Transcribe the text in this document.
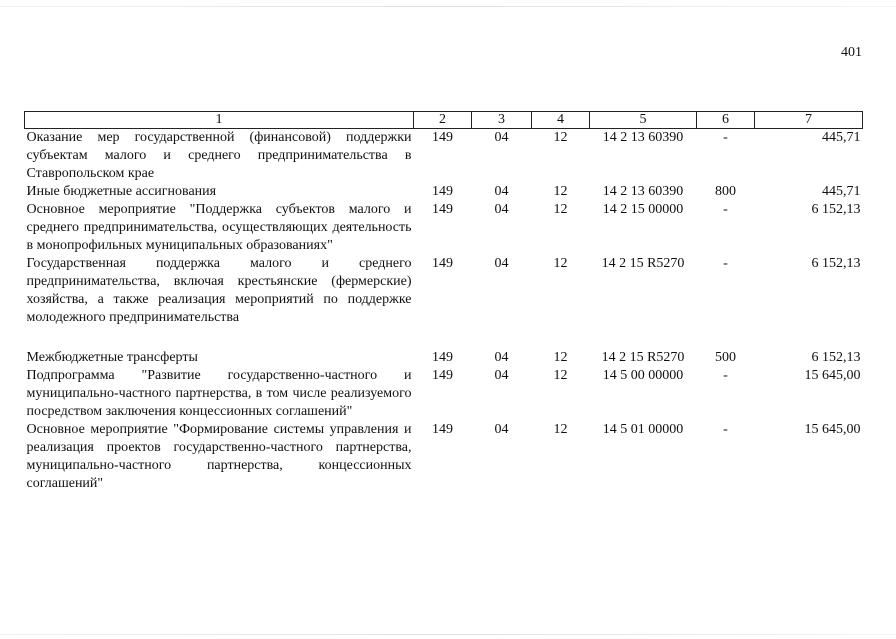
401
1	2	3	4	5	6	7
Оказание мер государственной (финансовой) поддержки субъектам малого и среднего предпринимательства в Ставропольском крае	149	04	12	14 2 13 60390	-	445,71
Иные бюджетные ассигнования	149	04	12	14 2 13 60390	800	445,71
Основное мероприятие "Поддержка субъектов малого и среднего предпринимательства, осуществляющих деятельность в монопрофильных муниципальных образованиях"	149	04	12	14 2 15 00000	-	6 152,13
Государственная поддержка малого и среднего предпринимательства, включая крестьянские (фермерские) хозяйства, а также реализация мероприятий по поддержке молодежного предпринимательства	149	04	12	14 2 15 R5270	-	6 152,13

Межбюджетные трансферты	149	04	12	14 2 15 R5270	500	6 152,13
Подпрограмма "Развитие государственно-частного и муниципально-частного партнерства, в том числе реализуемого посредством заключения концессионных соглашений"	149	04	12	14 5 00 00000	-	15 645,00
Основное мероприятие "Формирование системы управления и реализация проектов государственно-частного партнерства, муниципально-частного партнерства, концессионных соглашений"	149	04	12	14 5 01 00000	-	15 645,00
